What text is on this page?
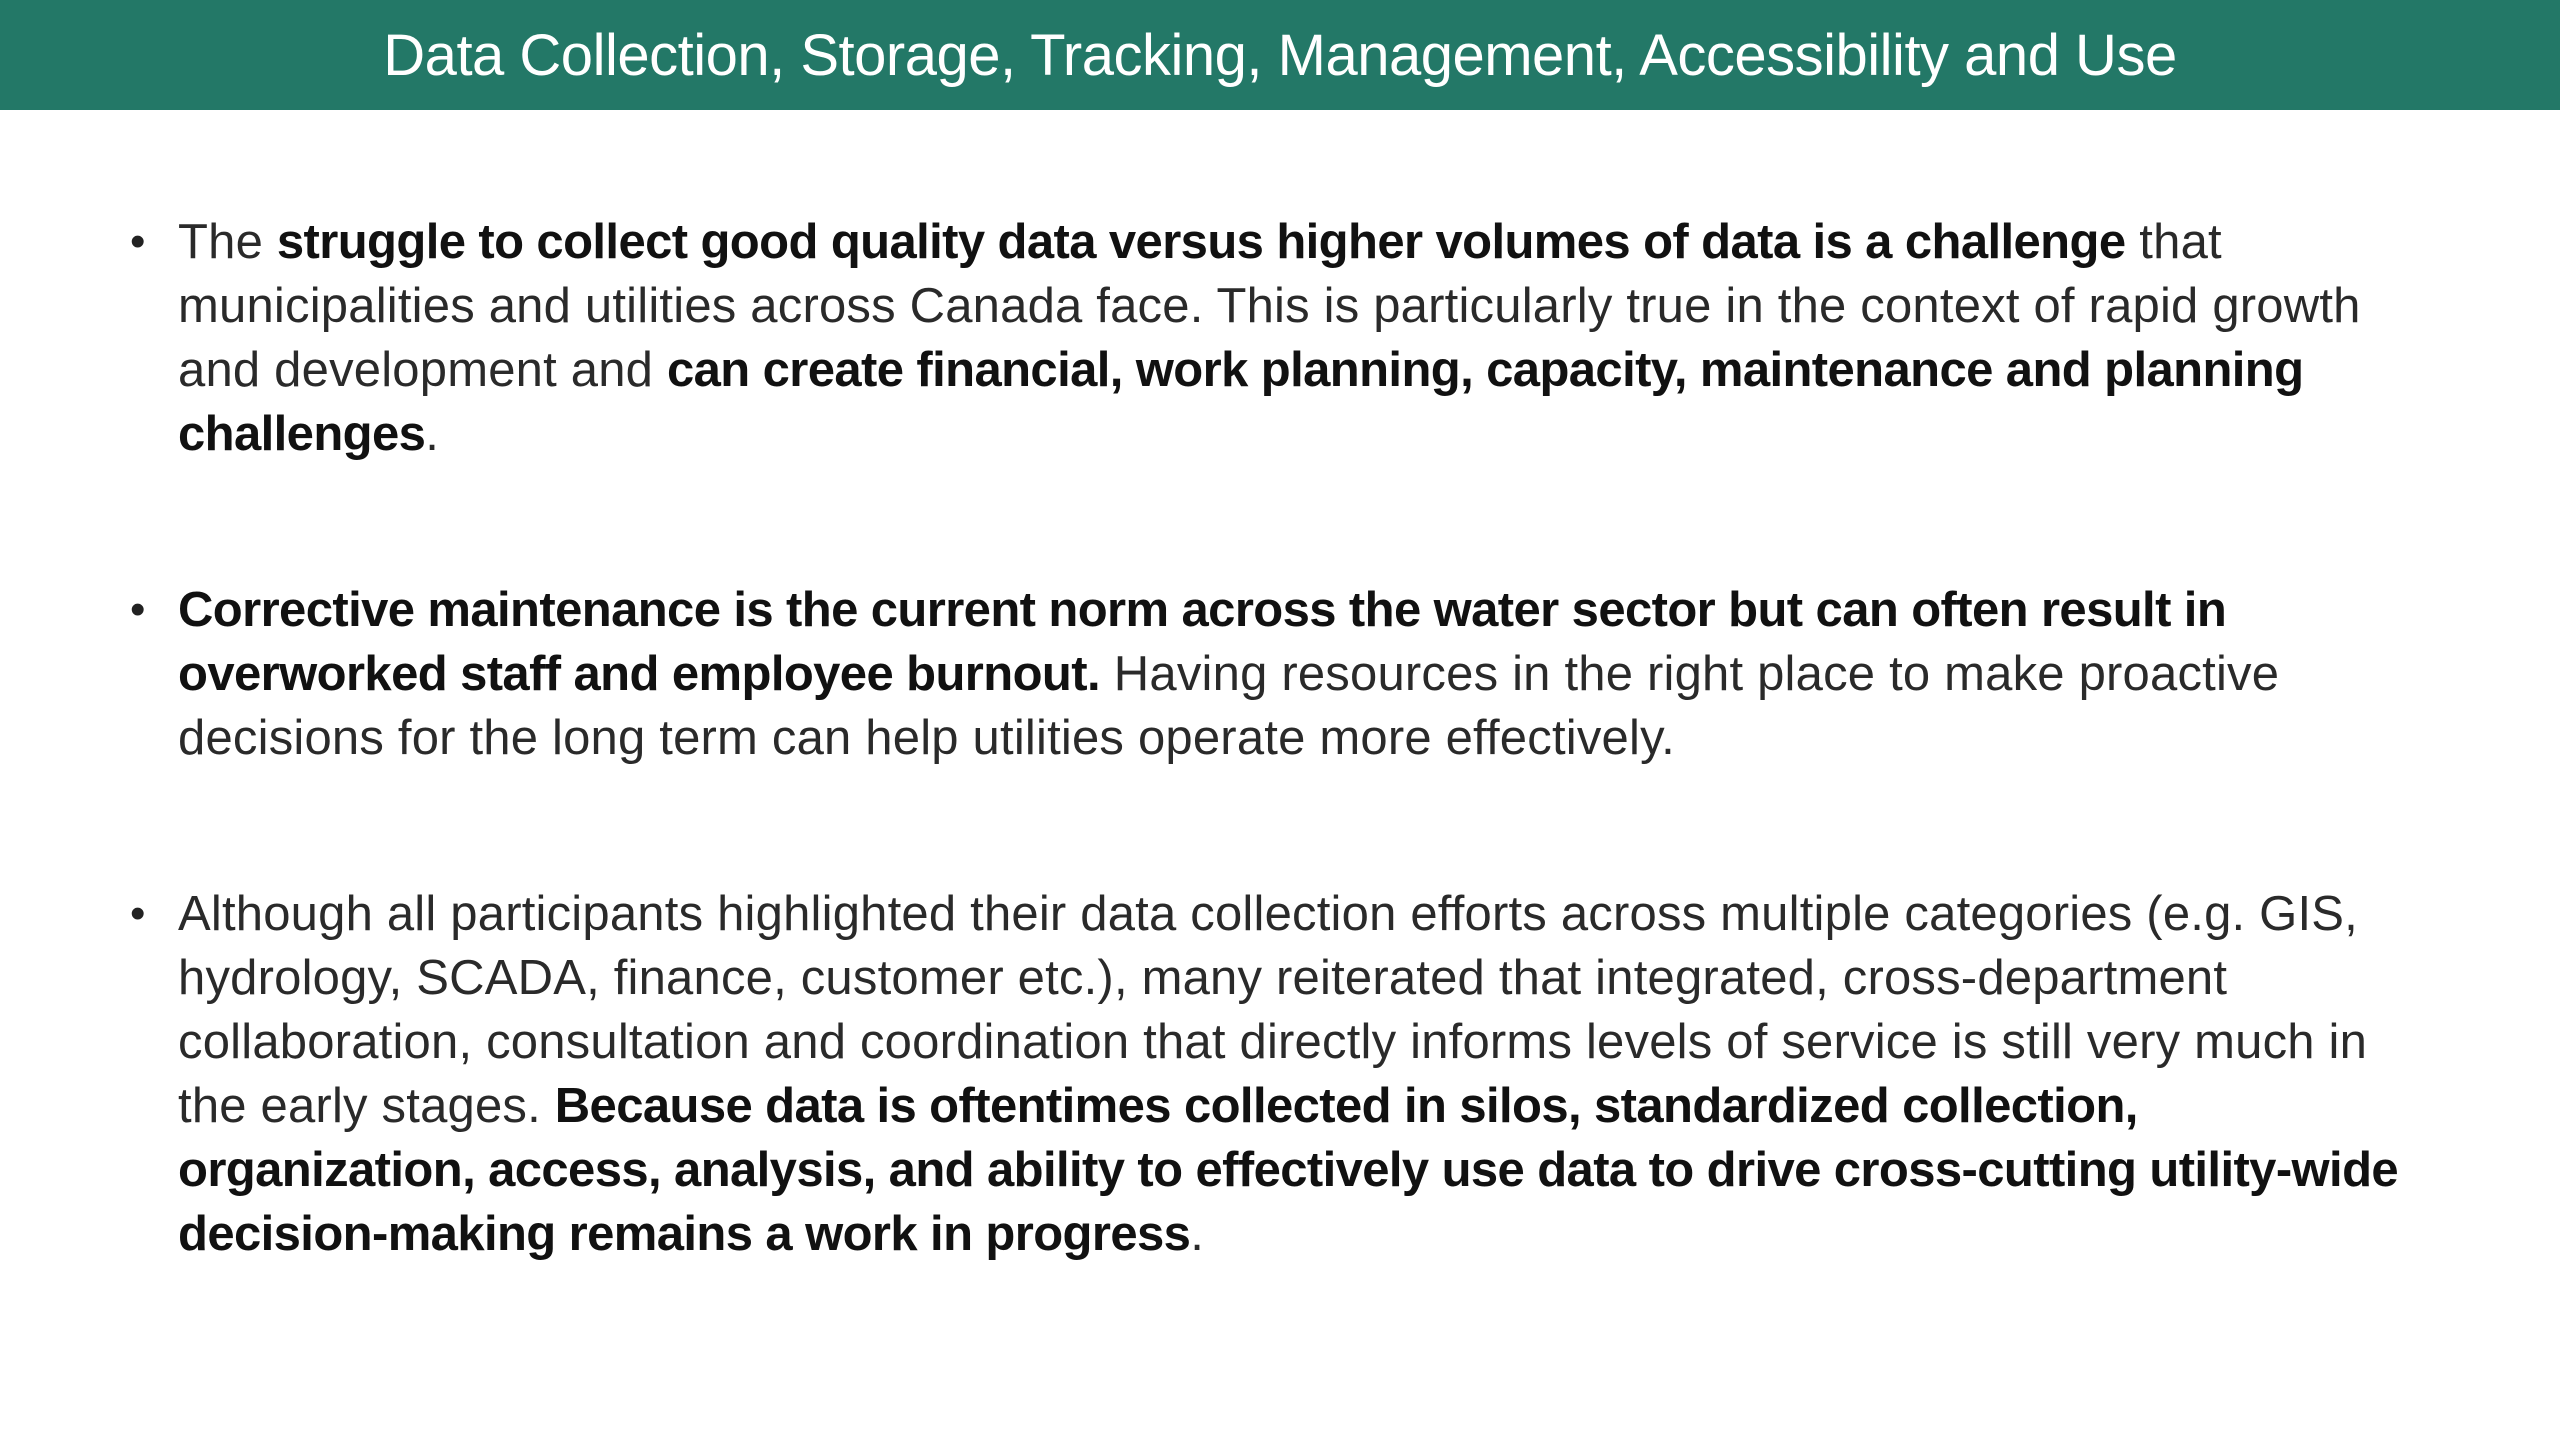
Data Collection, Storage, Tracking, Management, Accessibility and Use
• The struggle to collect good quality data versus higher volumes of data is a challenge that municipalities and utilities across Canada face. This is particularly true in the context of rapid growth and development and can create financial, work planning, capacity, maintenance and planning challenges.
• Corrective maintenance is the current norm across the water sector but can often result in overworked staff and employee burnout. Having resources in the right place to make proactive decisions for the long term can help utilities operate more effectively.
• Although all participants highlighted their data collection efforts across multiple categories (e.g. GIS, hydrology, SCADA, finance, customer etc.), many reiterated that integrated, cross-department collaboration, consultation and coordination that directly informs levels of service is still very much in the early stages. Because data is oftentimes collected in silos, standardized collection, organization, access, analysis, and ability to effectively use data to drive cross-cutting utility-wide decision-making remains a work in progress.
